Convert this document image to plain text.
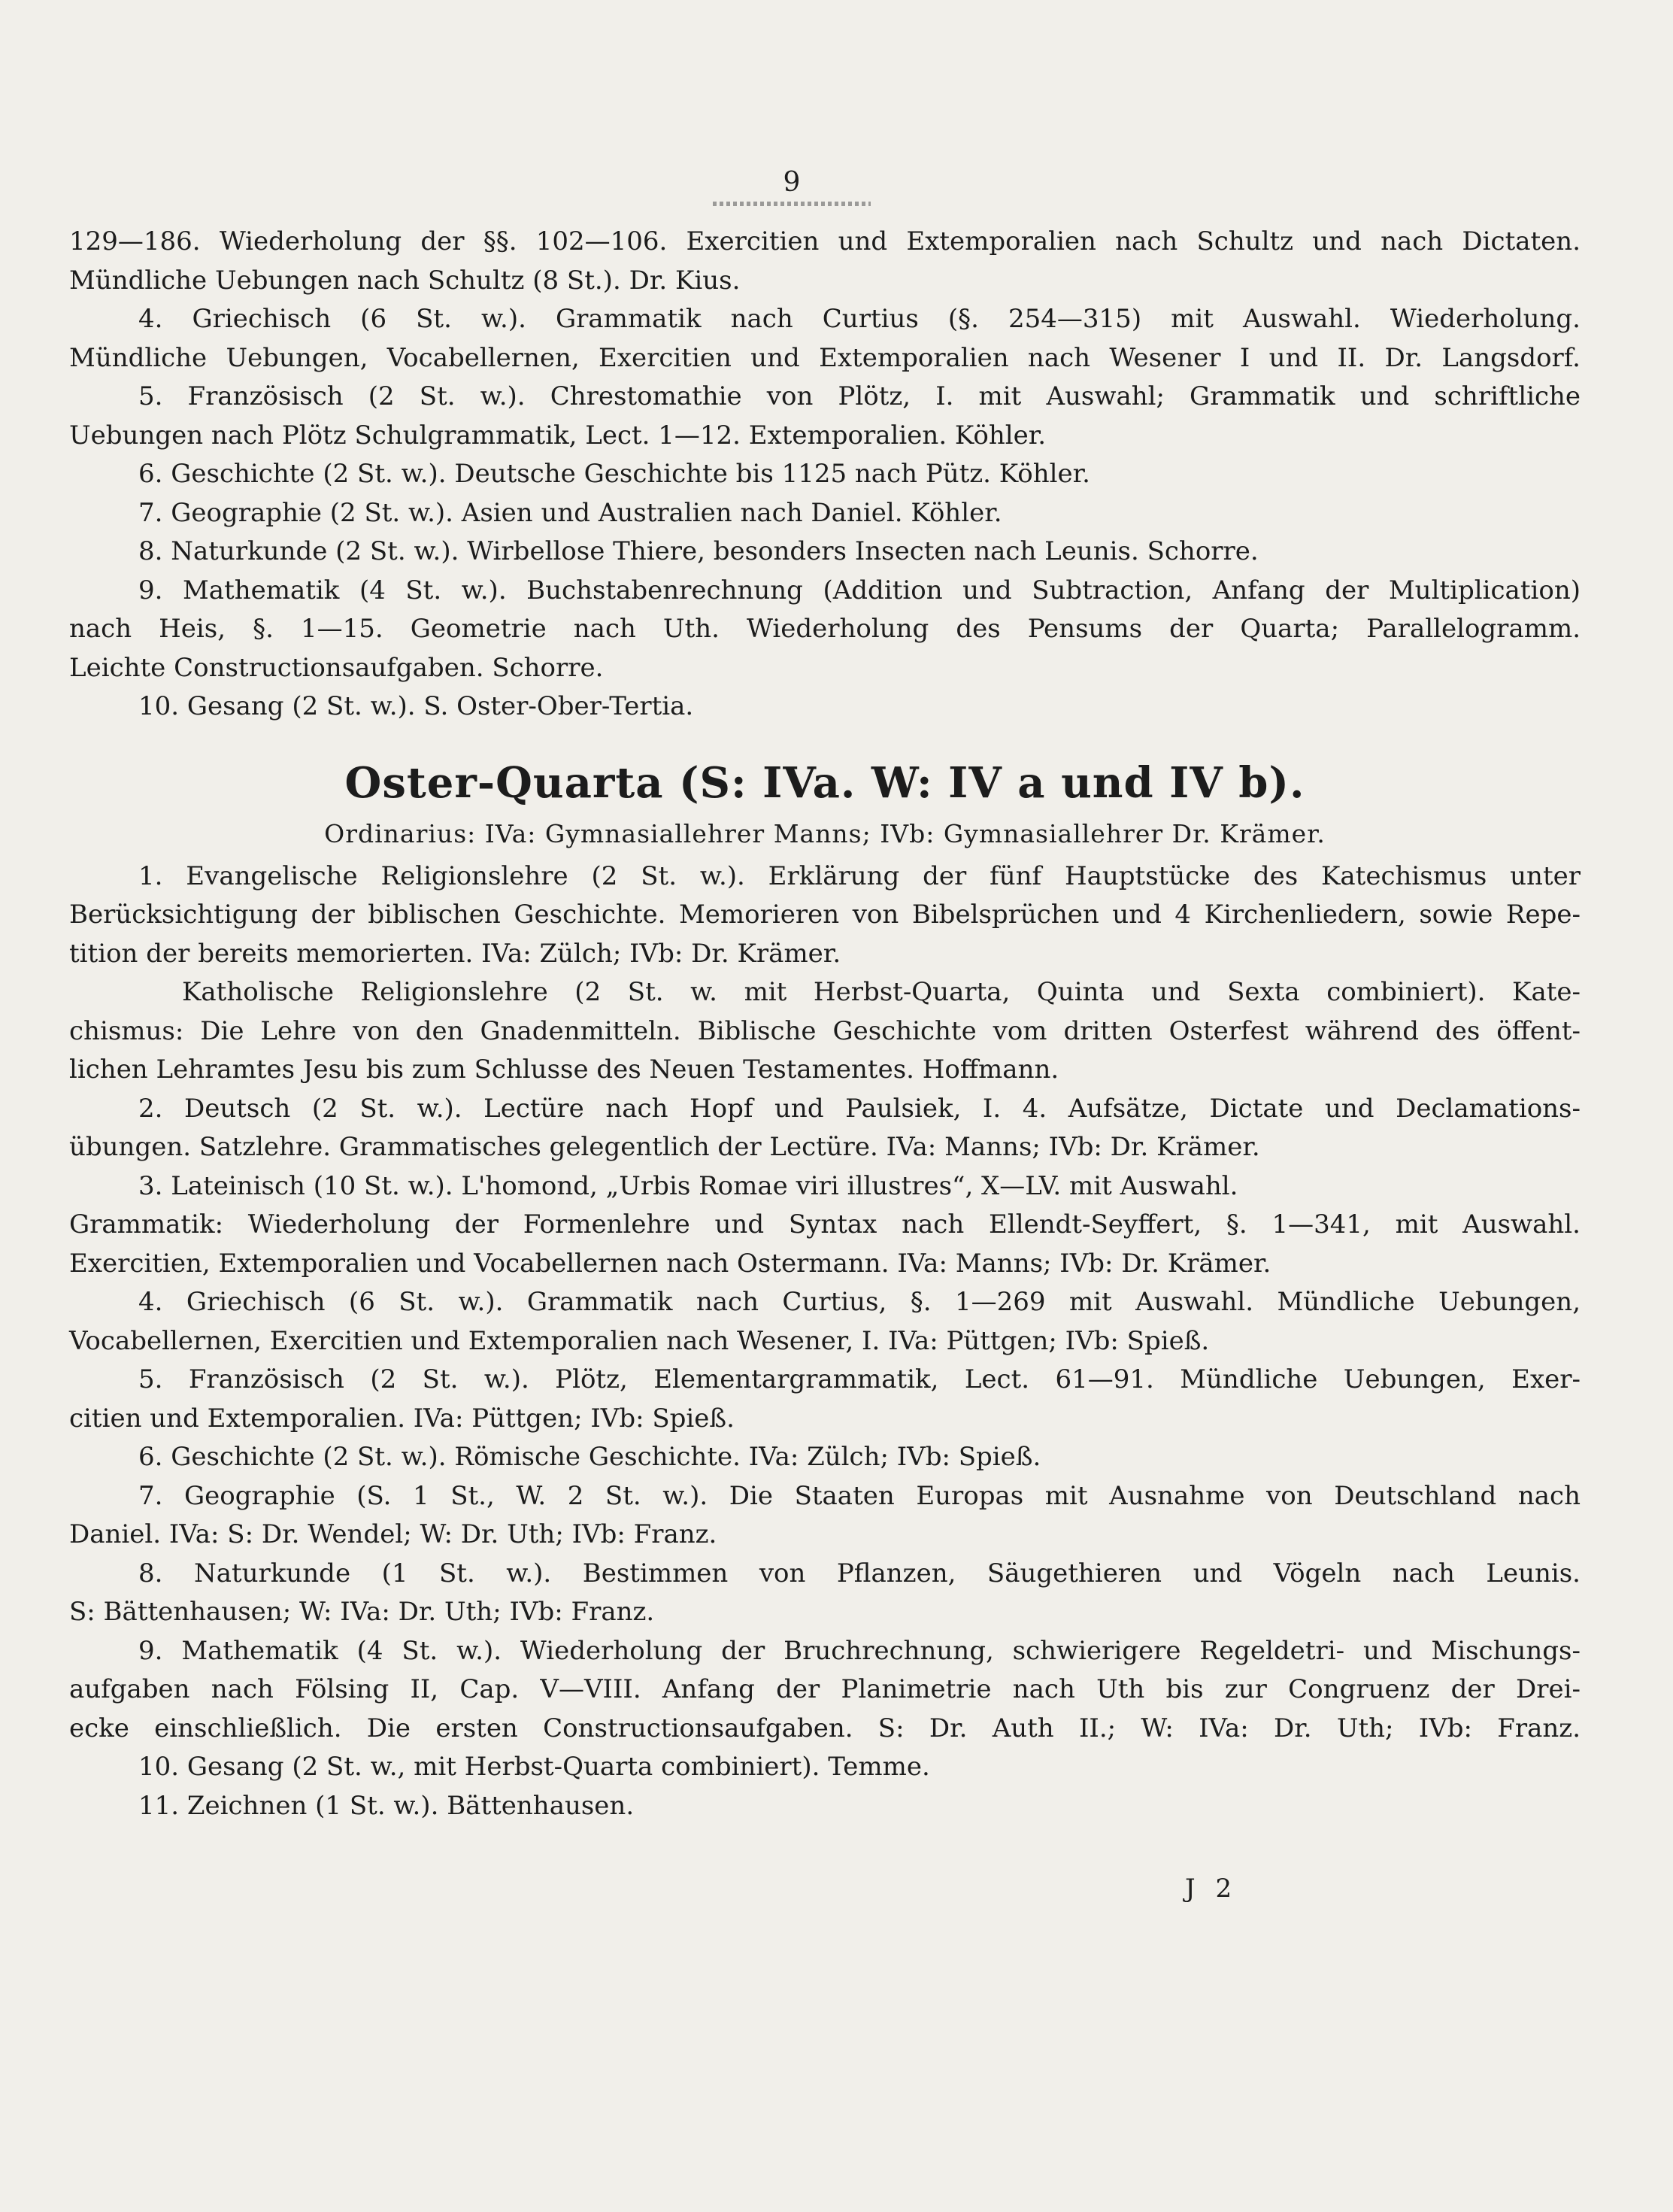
9
129—186. Wiederholung der §§. 102—106. Exercitien und Extemporalien nach Schultz und nach Dictaten.
Mündliche Uebungen nach Schultz (8 St.). Dr. Kius.
4. Griechisch (6 St. w.). Grammatik nach Curtius (§. 254—315) mit Auswahl. Wiederholung.
Mündliche Uebungen, Vocabellernen, Exercitien und Extemporalien nach Wesener I und II. Dr. Langsdorf.
5. Französisch (2 St. w.). Chrestomathie von Plötz, I. mit Auswahl; Grammatik und schriftliche
Uebungen nach Plötz Schulgrammatik, Lect. 1—12. Extemporalien. Köhler.
6. Geschichte (2 St. w.). Deutsche Geschichte bis 1125 nach Pütz. Köhler.
7. Geographie (2 St. w.). Asien und Australien nach Daniel. Köhler.
8. Naturkunde (2 St. w.). Wirbellose Thiere, besonders Insecten nach Leunis. Schorre.
9. Mathematik (4 St. w.). Buchstabenrechnung (Addition und Subtraction, Anfang der Multiplication)
nach Heis, §. 1—15. Geometrie nach Uth. Wiederholung des Pensums der Quarta; Parallelogramm.
Leichte Constructionsaufgaben. Schorre.
10. Gesang (2 St. w.). S. Oster-Ober-Tertia.
Oster-Quarta (S: IVa. W: IV a und IV b).
Ordinarius: IVa: Gymnasiallehrer Manns; IVb: Gymnasiallehrer Dr. Krämer.
1. Evangelische Religionslehre (2 St. w.). Erklärung der fünf Hauptstücke des Katechismus unter
Berücksichtigung der biblischen Geschichte. Memorieren von Bibelsprüchen und 4 Kirchenliedern, sowie Repe-
tition der bereits memorierten. IVa: Zülch; IVb: Dr. Krämer.
Katholische Religionslehre (2 St. w. mit Herbst-Quarta, Quinta und Sexta combiniert). Kate-
chismus: Die Lehre von den Gnadenmitteln. Biblische Geschichte vom dritten Osterfest während des öffent-
lichen Lehramtes Jesu bis zum Schlusse des Neuen Testamentes. Hoffmann.
2. Deutsch (2 St. w.). Lectüre nach Hopf und Paulsiek, I. 4. Aufsätze, Dictate und Declamations-
übungen. Satzlehre. Grammatisches gelegentlich der Lectüre. IVa: Manns; IVb: Dr. Krämer.
3. Lateinisch (10 St. w.). L'homond, „Urbis Romae viri illustres“, X—LV. mit Auswahl.
Grammatik: Wiederholung der Formenlehre und Syntax nach Ellendt-Seyffert, §. 1—341, mit Auswahl.
Exercitien, Extemporalien und Vocabellernen nach Ostermann. IVa: Manns; IVb: Dr. Krämer.
4. Griechisch (6 St. w.). Grammatik nach Curtius, §. 1—269 mit Auswahl. Mündliche Uebungen,
Vocabellernen, Exercitien und Extemporalien nach Wesener, I. IVa: Püttgen; IVb: Spieß.
5. Französisch (2 St. w.). Plötz, Elementargrammatik, Lect. 61—91. Mündliche Uebungen, Exer-
citien und Extemporalien. IVa: Püttgen; IVb: Spieß.
6. Geschichte (2 St. w.). Römische Geschichte. IVa: Zülch; IVb: Spieß.
7. Geographie (S. 1 St., W. 2 St. w.). Die Staaten Europas mit Ausnahme von Deutschland nach
Daniel. IVa: S: Dr. Wendel; W: Dr. Uth; IVb: Franz.
8. Naturkunde (1 St. w.). Bestimmen von Pflanzen, Säugethieren und Vögeln nach Leunis.
S: Bättenhausen; W: IVa: Dr. Uth; IVb: Franz.
9. Mathematik (4 St. w.). Wiederholung der Bruchrechnung, schwierigere Regeldetri- und Mischungs-
aufgaben nach Fölsing II, Cap. V—VIII. Anfang der Planimetrie nach Uth bis zur Congruenz der Drei-
ecke einschließlich. Die ersten Constructionsaufgaben. S: Dr. Auth II.; W: IVa: Dr. Uth; IVb: Franz.
10. Gesang (2 St. w., mit Herbst-Quarta combiniert). Temme.
11. Zeichnen (1 St. w.). Bättenhausen.
J 2
